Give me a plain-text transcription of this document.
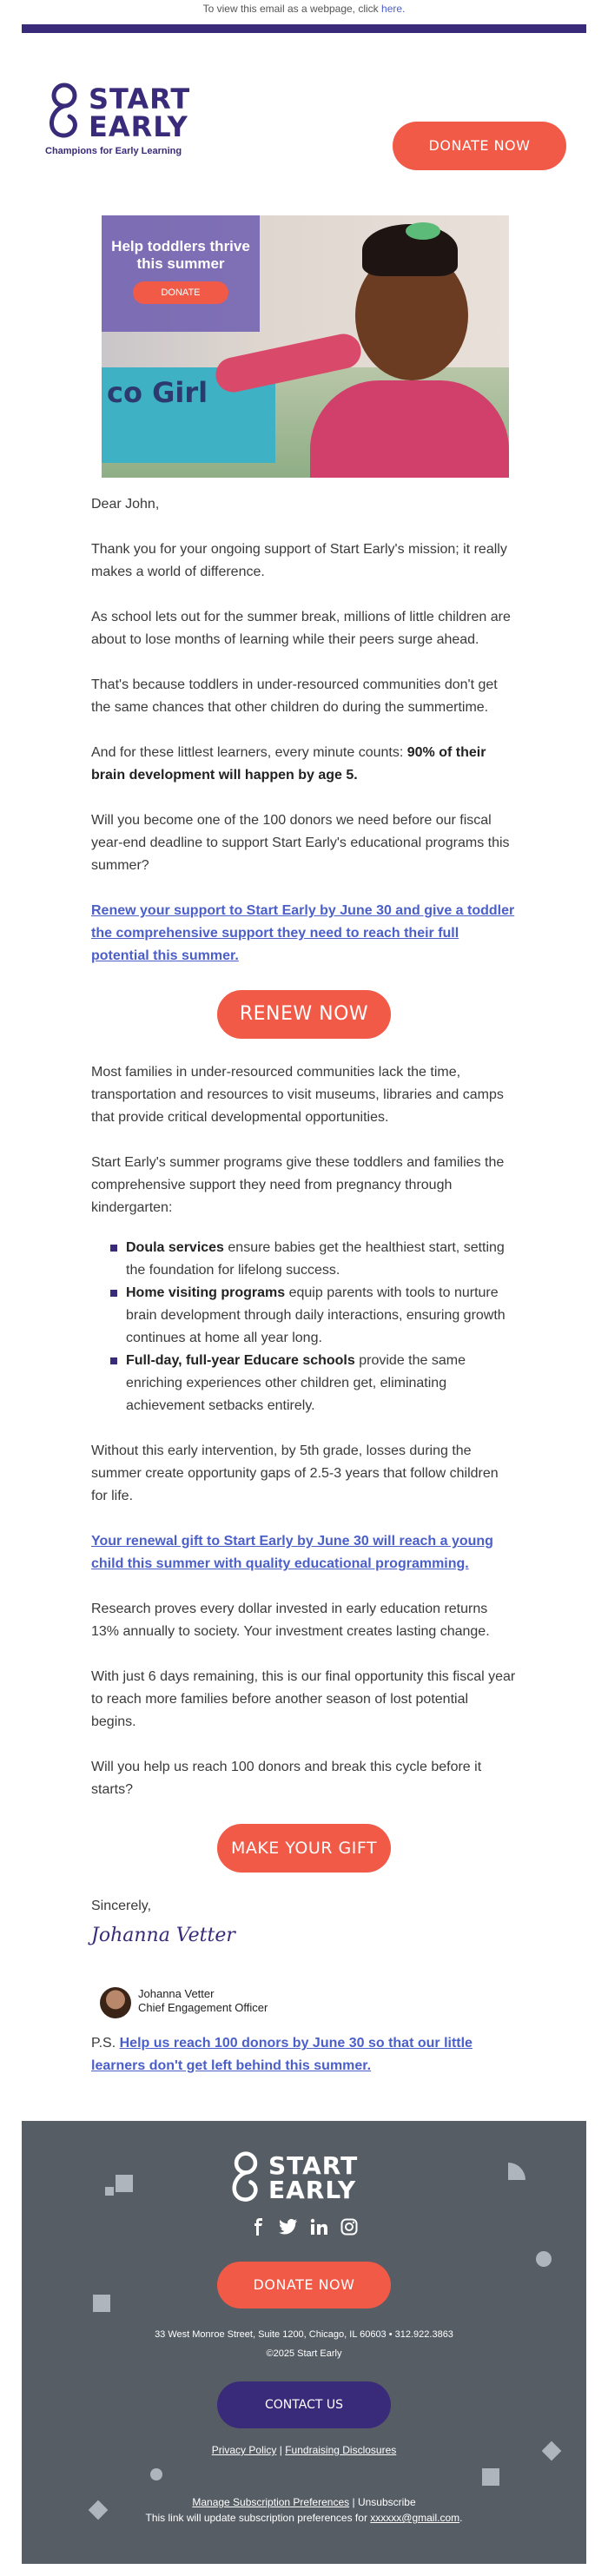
To view this email as a webpage, click here.
START
EARLY
Champions for Early Learning	DONATE NOW
co Girl
Help toddlers thrive this summer
DONATE

Dear John,

Thank you for your ongoing support of Start Early's mission; it really makes a world of difference.

As school lets out for the summer break, millions of little children are about to lose months of learning while their peers surge ahead.

That's because toddlers in under-resourced communities don't get the same chances that other children do during the summertime.

And for these littlest learners, every minute counts: 90% of their brain development will happen by age 5.

Will you become one of the 100 donors we need before our fiscal year-end deadline to support Start Early's educational programs this summer?

Renew your support to Start Early by June 30 and give a toddler the comprehensive support they need to reach their full potential this summer.

RENEW NOW

Most families in under-resourced communities lack the time, transportation and resources to visit museums, libraries and camps that provide critical developmental opportunities.

Start Early's summer programs give these toddlers and families the comprehensive support they need from pregnancy through kindergarten:

Doula services ensure babies get the healthiest start, setting the foundation for lifelong success.
Home visiting programs equip parents with tools to nurture brain development through daily interactions, ensuring growth continues at home all year long.
Full-day, full-year Educare schools provide the same enriching experiences other children get, eliminating achievement setbacks entirely.

Without this early intervention, by 5th grade, losses during the summer create opportunity gaps of 2.5-3 years that follow children for life.

Your renewal gift to Start Early by June 30 will reach a young child this summer with quality educational programming.

Research proves every dollar invested in early education returns 13% annually to society. Your investment creates lasting change.

With just 6 days remaining, this is our final opportunity this fiscal year to reach more families before another season of lost potential begins.

Will you help us reach 100 donors and break this cycle before it starts?

MAKE YOUR GIFT

Sincerely,

Johanna Vetter
Johanna Vetter
Chief Engagement Officer

P.S. Help us reach 100 donors by June 30 so that our little learners don't get left behind this summer.

START
EARLY

DONATE NOW
33 West Monroe Street, Suite 1200, Chicago, IL 60603 • 312.922.3863
©2025 Start Early
CONTACT US
Privacy Policy | Fundraising Disclosures
Manage Subscription Preferences | Unsubscribe
This link will update subscription preferences for xxxxxx@gmail.com.
